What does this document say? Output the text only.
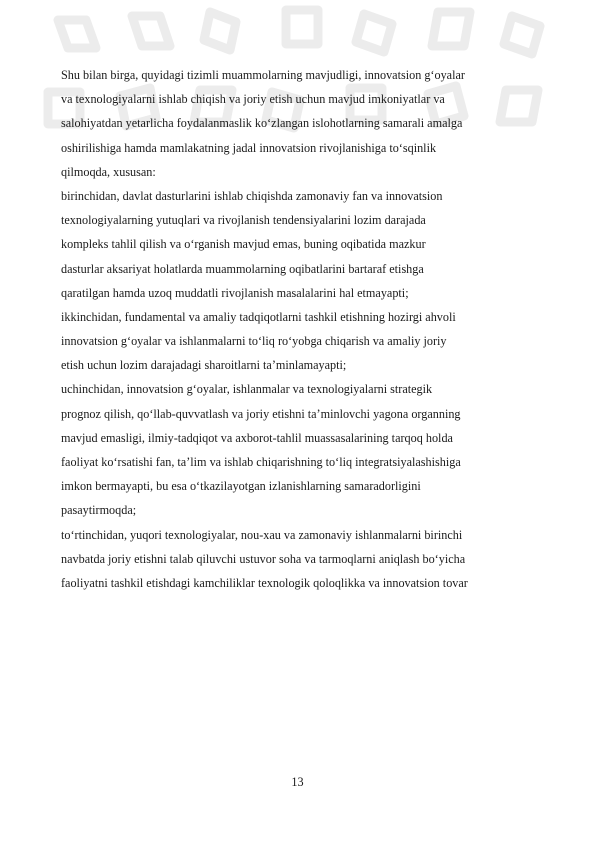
Shu bilan birga, quyidagi tizimli muammolarning mavjudligi, innovatsion g‘oyalar
va texnologiyalarni ishlab chiqish va joriy etish uchun mavjud imkoniyatlar va
salohiyatdan yetarlicha foydalanmaslik ko‘zlangan islohotlarning samarali amalga
oshirilishiga hamda mamlakatning jadal innovatsion rivojlanishiga to‘sqinlik
qilmoqda, xususan:
birinchidan, davlat dasturlarini ishlab chiqishda zamonaviy fan va innovatsion
texnologiyalarning yutuqlari va rivojlanish tendensiyalarini lozim darajada
kompleks tahlil qilish va o‘rganish mavjud emas, buning oqibatida mazkur
dasturlar aksariyat holatlarda muammolarning oqibatlarini bartaraf etishga
qaratilgan hamda uzoq muddatli rivojlanish masalalarini hal etmayapti;
ikkinchidan, fundamental va amaliy tadqiqotlarni tashkil etishning hozirgi ahvoli
innovatsion g‘oyalar va ishlanmalarni to‘liq ro‘yobga chiqarish va amaliy joriy
etish uchun lozim darajadagi sharoitlarni ta’minlamayapti;
uchinchidan, innovatsion g‘oyalar, ishlanmalar va texnologiyalarni strategik
prognoz qilish, qo‘llab-quvvatlash va joriy etishni ta’minlovchi yagona organning
mavjud emasligi, ilmiy-tadqiqot va axborot-tahlil muassasalarining tarqoq holda
faoliyat ko‘rsatishi fan, ta’lim va ishlab chiqarishning to‘liq integratsiyalashishiga
imkon bermayapti, bu esa o‘tkazilayotgan izlanishlarning samaradorligini
pasaytirmoqda;
to‘rtinchidan, yuqori texnologiyalar, nou-xau va zamonaviy ishlanmalarni birinchi
navbatda joriy etishni talab qiluvchi ustuvor soha va tarmoqlarni aniqlash bo‘yicha
faoliyatni tashkil etishdagi kamchiliklar texnologik qoloqlikka va innovatsion tovar
13
